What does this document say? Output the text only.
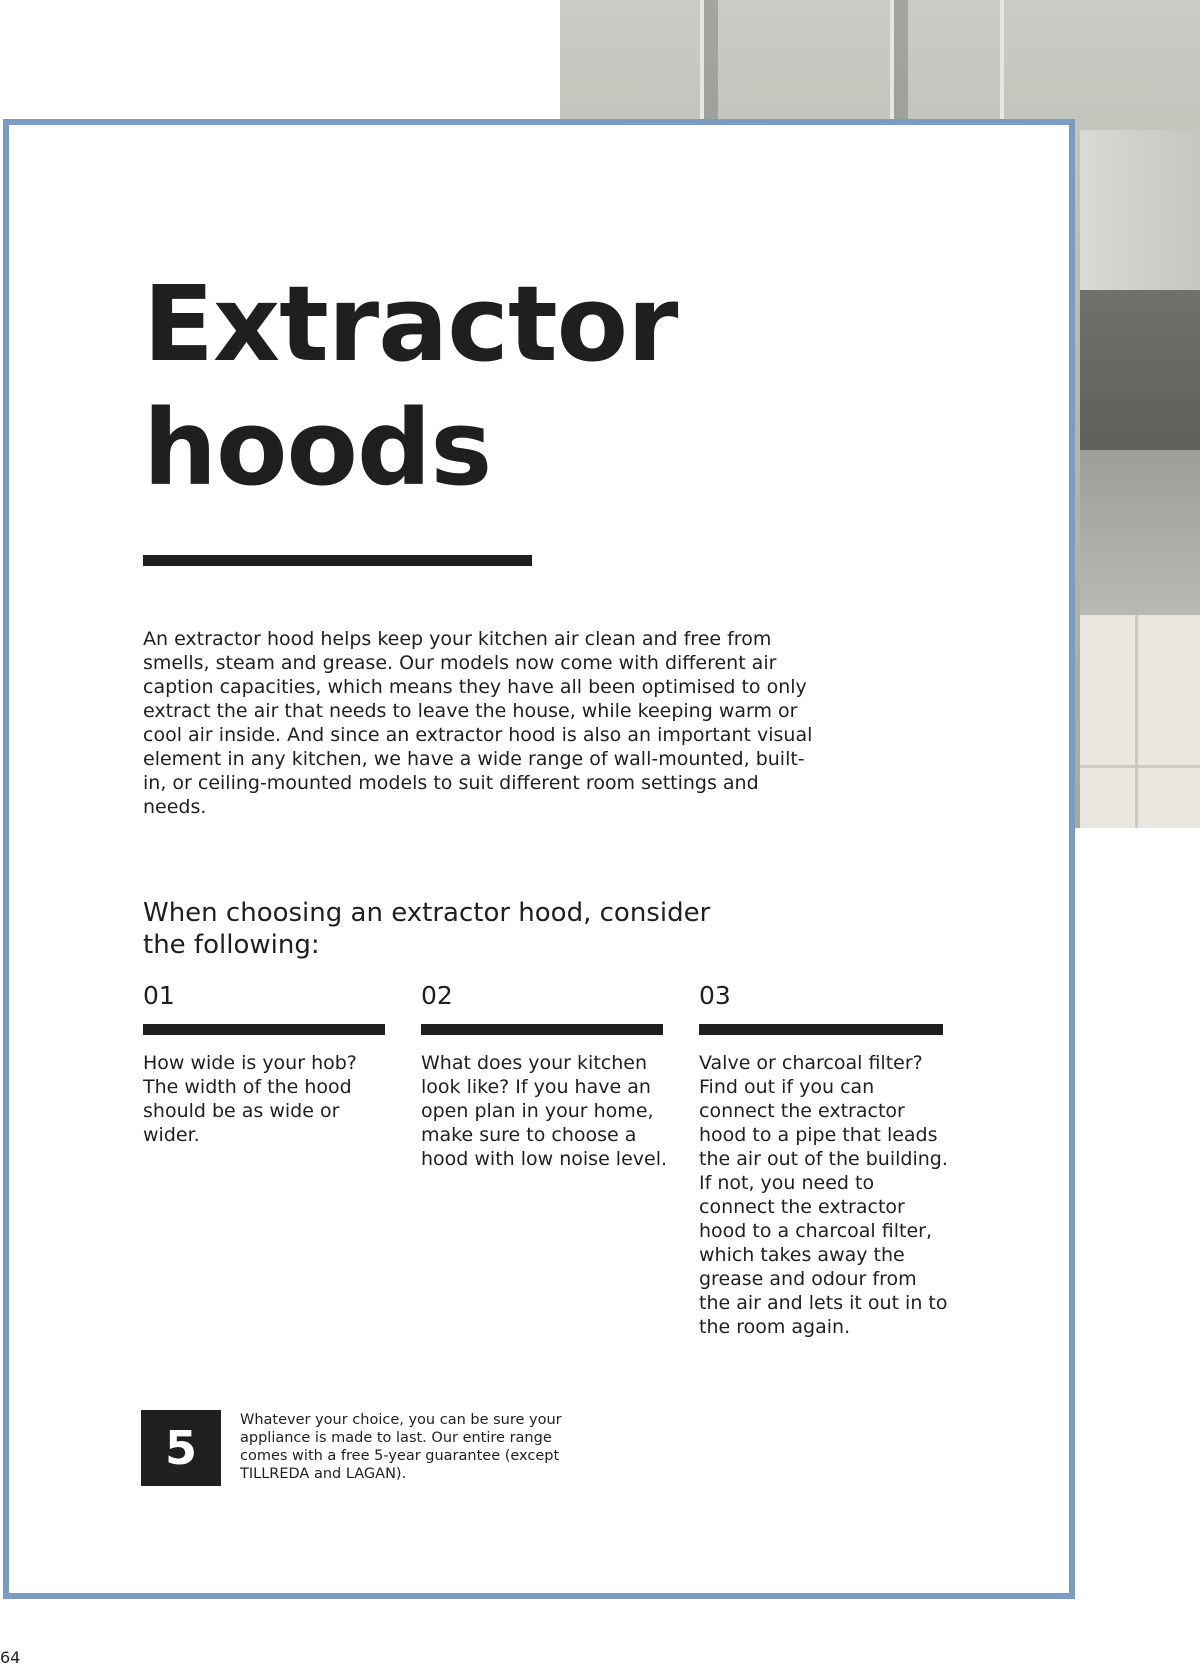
Extractor
hoods

An extractor hood helps keep your kitchen air clean and free from smells, steam and grease. Our models now come with different air caption capacities, which means they have all been optimised to only extract the air that needs to leave the house, while keeping warm or cool air inside. And since an extractor hood is also an important visual element in any kitchen, we have a wide range of wall-mounted, built-in, or ceiling-mounted models to suit different room settings and needs.

When choosing an extractor hood, consider the following:
01

How wide is your hob? The width of the hood should be as wide or wider.

02

What does your kitchen look like? If you have an open plan in your home, make sure to choose a hood with low noise level.

03

Valve or charcoal filter? Find out if you can connect the extractor hood to a pipe that leads the air out of the building. If not, you need to connect the extractor hood to a charcoal filter, which takes away the grease and odour from the air and lets it out in to the room again.

5

Whatever your choice, you can be sure your appliance is made to last. Our entire range comes with a free 5-year guarantee (except TILLREDA and LAGAN).

64
